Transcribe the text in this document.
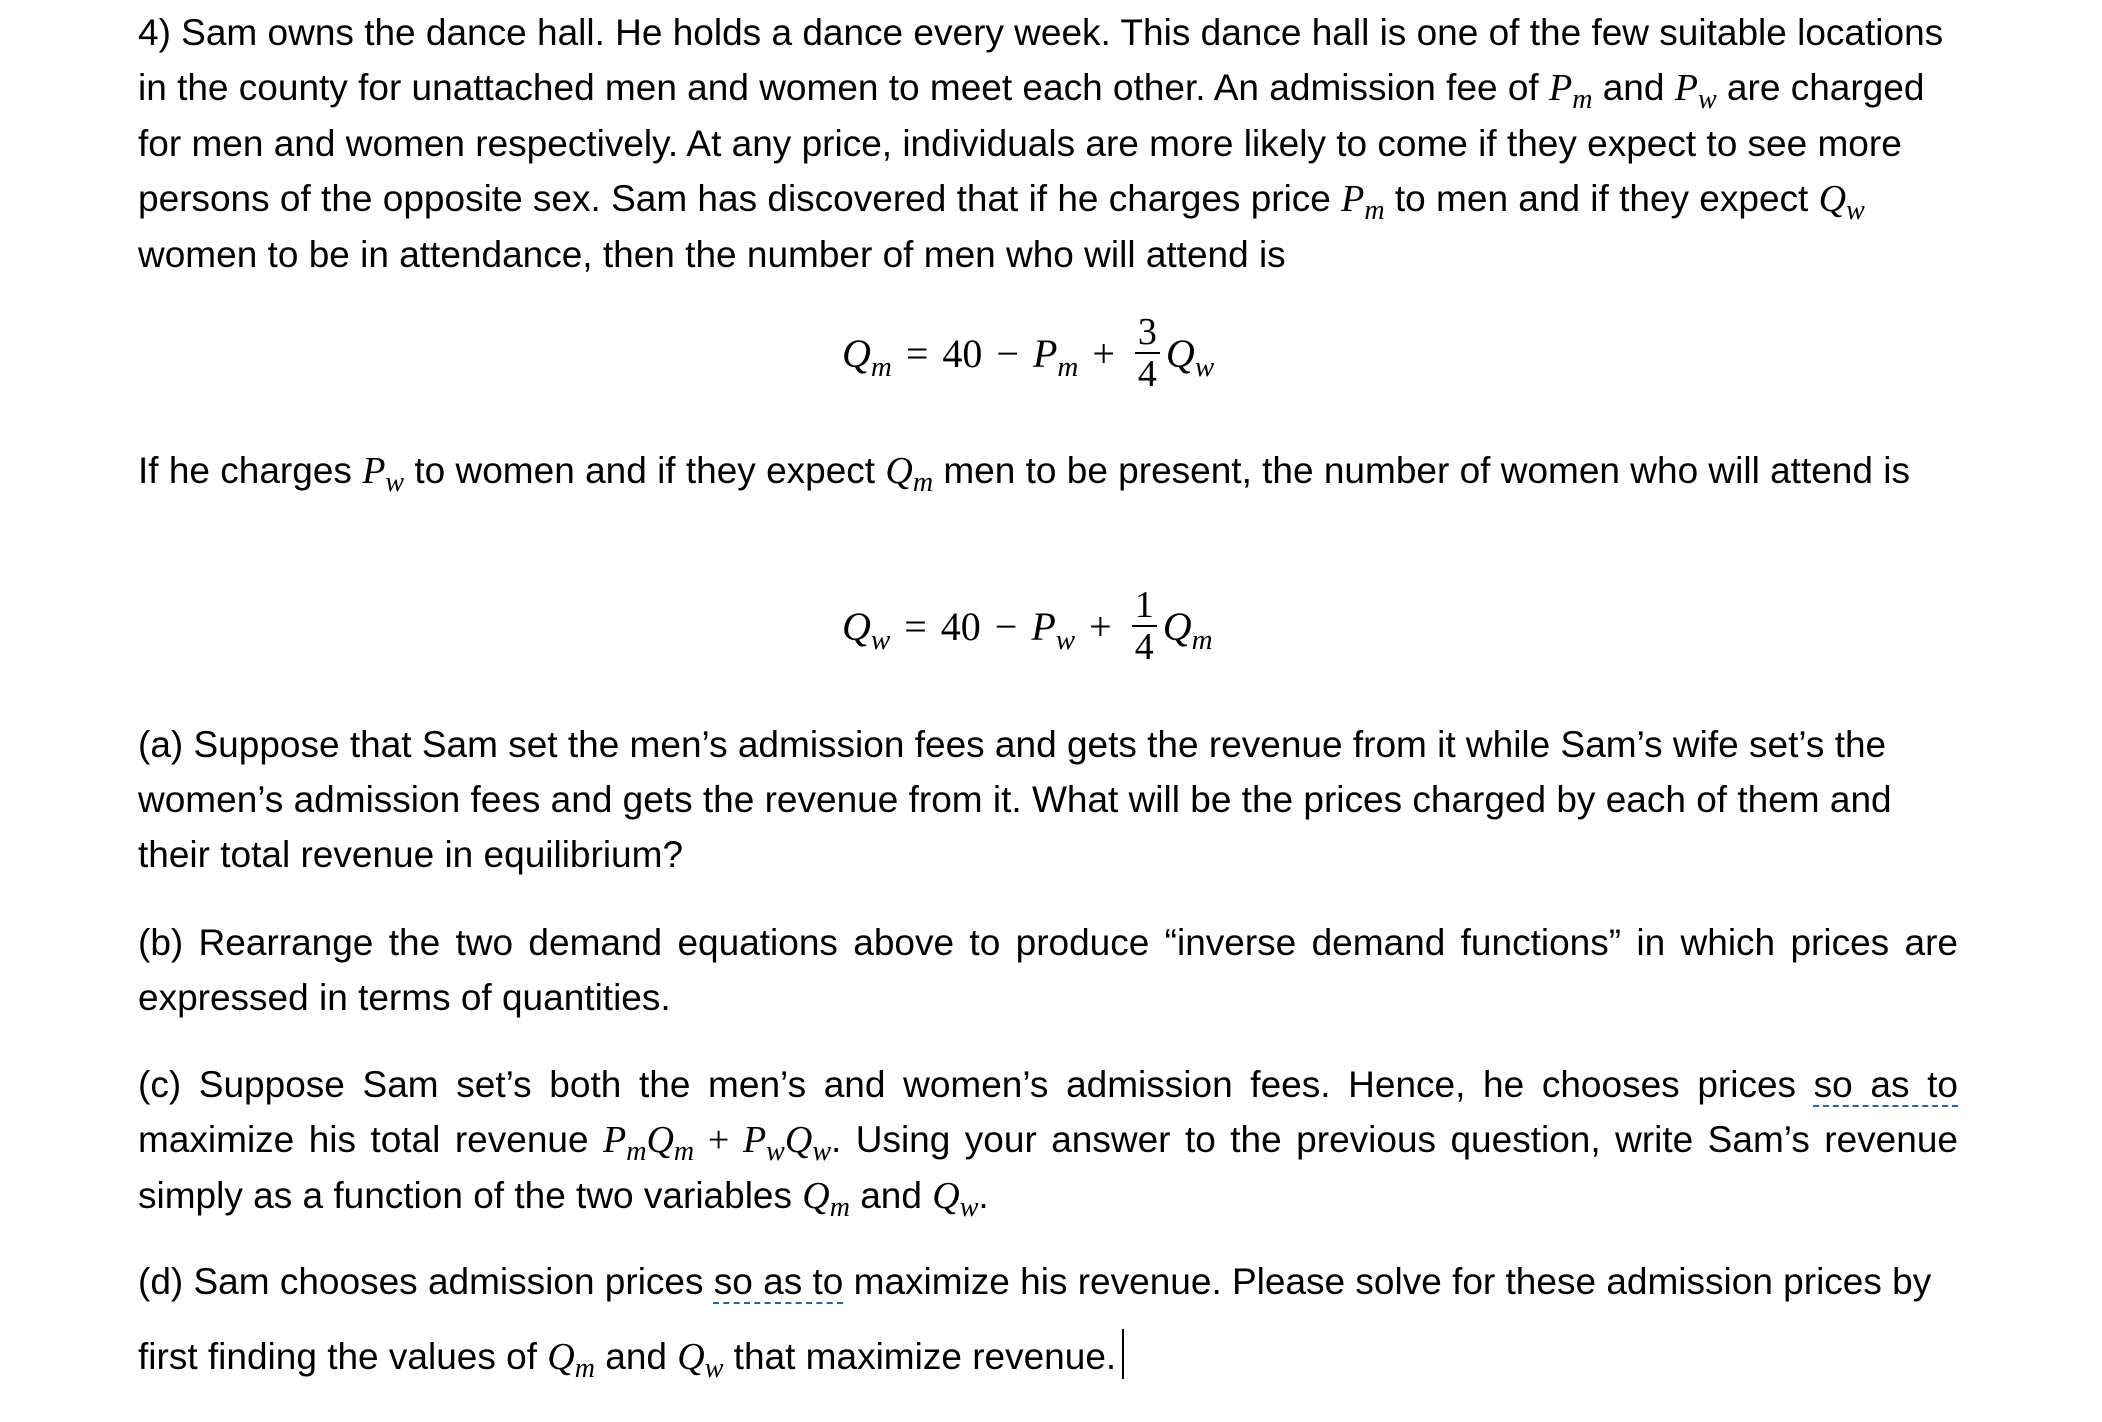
4) Sam owns the dance hall. He holds a dance every week. This dance hall is one of the few suitable locations in the county for unattached men and women to meet each other. An admission fee of $P_m$ and $P_w$ are charged for men and women respectively. At any price, individuals are more likely to come if they expect to see more persons of the opposite sex. Sam has discovered that if he charges price $P_m$ to men and if they expect $Q_w$ women to be in attendance, then the number of men who will attend is
$Q_m = 40 - P_m + \frac{3}{4} Q_w$
If he charges $P_w$ to women and if they expect $Q_m$ men to be present, the number of women who will attend is
$Q_w = 40 - P_w + \frac{1}{4} Q_m$
(a) Suppose that Sam set the men’s admission fees and gets the revenue from it while Sam’s wife set’s the women’s admission fees and gets the revenue from it. What will be the prices charged by each of them and their total revenue in equilibrium?
(b) Rearrange the two demand equations above to produce “inverse demand functions” in which prices are expressed in terms of quantities.
(c) Suppose Sam set’s both the men’s and women’s admission fees. Hence, he chooses prices so as to maximize his total revenue $P_mQ_m + P_wQ_w$. Using your answer to the previous question, write Sam’s revenue simply as a function of the two variables $Q_m$ and $Q_w$.
(d) Sam chooses admission prices so as to maximize his revenue. Please solve for these admission prices by
first finding the values of $Q_m$ and $Q_w$ that maximize revenue.
